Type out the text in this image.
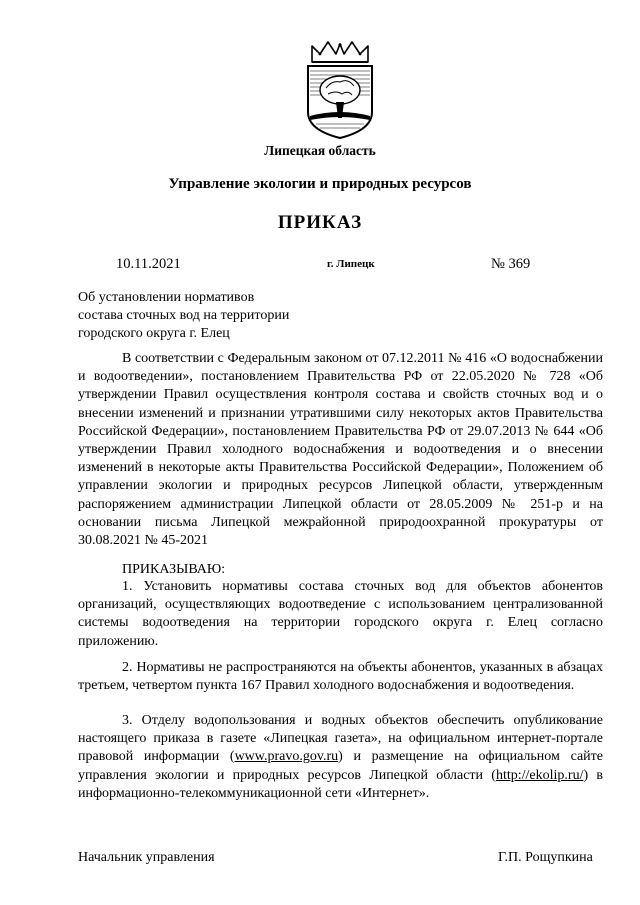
Липецкая область
Управление экологии и природных ресурсов
ПРИКАЗ
10.11.2021	г. Липецк	№ 369
Об установлении нормативов
состава сточных вод на территории
городского округа г. Елец
В соответствии с Федеральным законом от 07.12.2011 № 416 «О водоснабжении и водоотведении», постановлением Правительства РФ от 22.05.2020 № 728 «Об утверждении Правил осуществления контроля состава и свойств сточных вод и о внесении изменений и признании утратившими силу некоторых актов Правительства Российской Федерации», постановлением Правительства РФ от 29.07.2013 № 644 «Об утверждении Правил холодного водоснабжения и водоотведения и о внесении изменений в некоторые акты Правительства Российской Федерации», Положением об управлении экологии и природных ресурсов Липецкой области, утвержденным распоряжением администрации Липецкой области от 28.05.2009 № 251-р и на основании письма Липецкой межрайонной природоохранной прокуратуры от 30.08.2021 № 45-2021
ПРИКАЗЫВАЮ:
1. Установить нормативы состава сточных вод для объектов абонентов организаций, осуществляющих водоотведение с использованием централизованной системы водоотведения на территории городского округа г. Елец согласно приложению.
2. Нормативы не распространяются на объекты абонентов, указанных в абзацах третьем, четвертом пункта 167 Правил холодного водоснабжения и водоотведения.
3. Отделу водопользования и водных объектов обеспечить опубликование настоящего приказа в газете «Липецкая газета», на официальном интернет-портале правовой информации (www.pravo.gov.ru) и размещение на официальном сайте управления экологии и природных ресурсов Липецкой области (http://ekolip.ru/) в информационно-телекоммуникационной сети «Интернет».
Начальник управления	Г.П. Рощупкина
